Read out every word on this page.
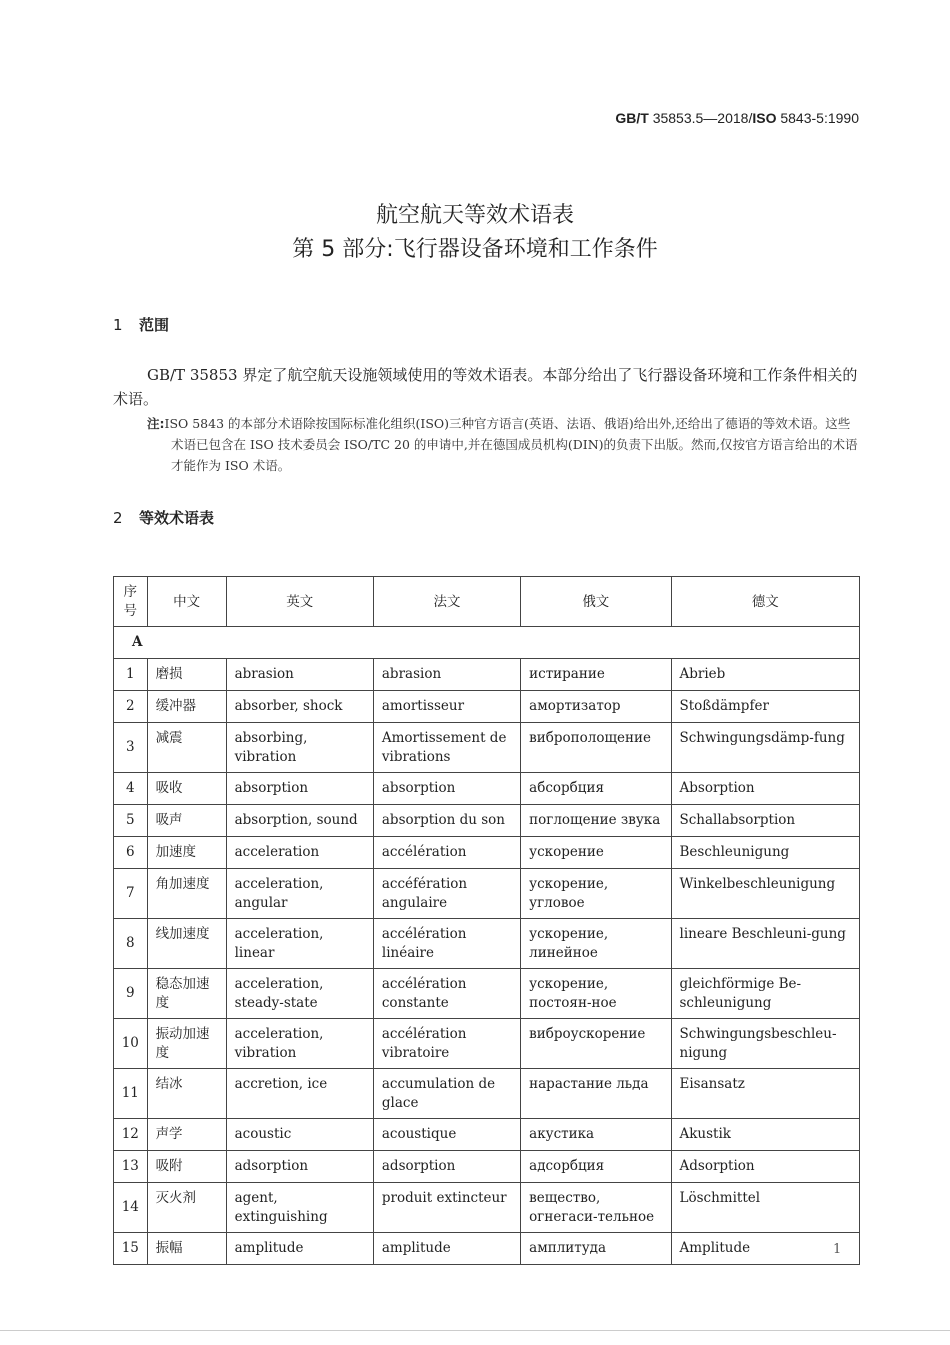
GB/T 35853.5—2018/ISO 5843-5:1990
航空航天等效术语表
第 5 部分:飞行器设备环境和工作条件
1 范围
GB/T 35853 界定了航空航天设施领域使用的等效术语表。本部分给出了飞行器设备环境和工作条件相关的术语。
注:ISO 5843 的本部分术语除按国际标准化组织(ISO)三种官方语言(英语、法语、俄语)给出外,还给出了德语的等效术语。这些术语已包含在 ISO 技术委员会 ISO/TC 20 的申请中,并在德国成员机构(DIN)的负责下出版。然而,仅按官方语言给出的术语才能作为 ISO 术语。
2 等效术语表
序号	中文	英文	法文	俄文	德文
A					
1	磨损	abrasion	abrasion	истирание	Abrieb
2	缓冲器	absorber, shock	amortisseur	амортизатор	Stoßdämpfer
3	减震	absorbing, vibration	Amortissement de vibrations	виброполощение	Schwingungsdämp-fung
4	吸收	absorption	absorption	абсорбция	Absorption
5	吸声	absorption, sound	absorption du son	поглощение звука	Schallabsorption
6	加速度	acceleration	accélération	ускорение	Beschleunigung
7	角加速度	acceleration, angular	accéfération angulaire	ускорение, угловое	Winkelbeschleunigung
8	线加速度	acceleration, linear	accélération linéaire	ускорение, линейное	lineare Beschleuni-gung
9	稳态加速度	acceleration, steady-state	accélération constante	ускорение, постоян-ное	gleichförmige Be-schleunigung
10	振动加速度	acceleration, vibration	accélération vibratoire	виброускорение	Schwingungsbeschleu-nigung
11	结冰	accretion, ice	accumulation de glace	нарастание льда	Eisansatz
12	声学	acoustic	acoustique	акустика	Akustik
13	吸附	adsorption	adsorption	адсорбция	Adsorption
14	灭火剂	agent, extinguishing	produit extincteur	вещество, огнегаси-тельное	Löschmittel
15	振幅	amplitude	amplitude	амплитуда	Amplitude	1
